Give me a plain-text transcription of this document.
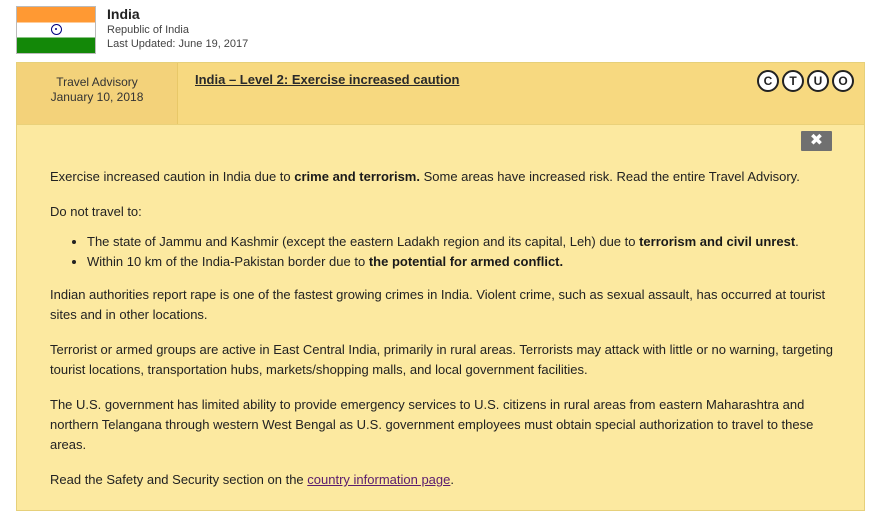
India
Republic of India
Last Updated: June 19, 2017
Travel Advisory
January 10, 2018
India – Level 2: Exercise increased caution	C	T	U	O
✖

Exercise increased caution in India due to crime and terrorism. Some areas have increased risk. Read the entire Travel Advisory.

Do not travel to:

• The state of Jammu and Kashmir (except the eastern Ladakh region and its capital, Leh) due to terrorism and civil unrest.
• Within 10 km of the India-Pakistan border due to the potential for armed conflict.

Indian authorities report rape is one of the fastest growing crimes in India. Violent crime, such as sexual assault, has occurred at tourist sites and in other locations.

Terrorist or armed groups are active in East Central India, primarily in rural areas. Terrorists may attack with little or no warning, targeting tourist locations, transportation hubs, markets/shopping malls, and local government facilities.

The U.S. government has limited ability to provide emergency services to U.S. citizens in rural areas from eastern Maharashtra and northern Telangana through western West Bengal as U.S. government employees must obtain special authorization to travel to these areas.

Read the Safety and Security section on the country information page.
